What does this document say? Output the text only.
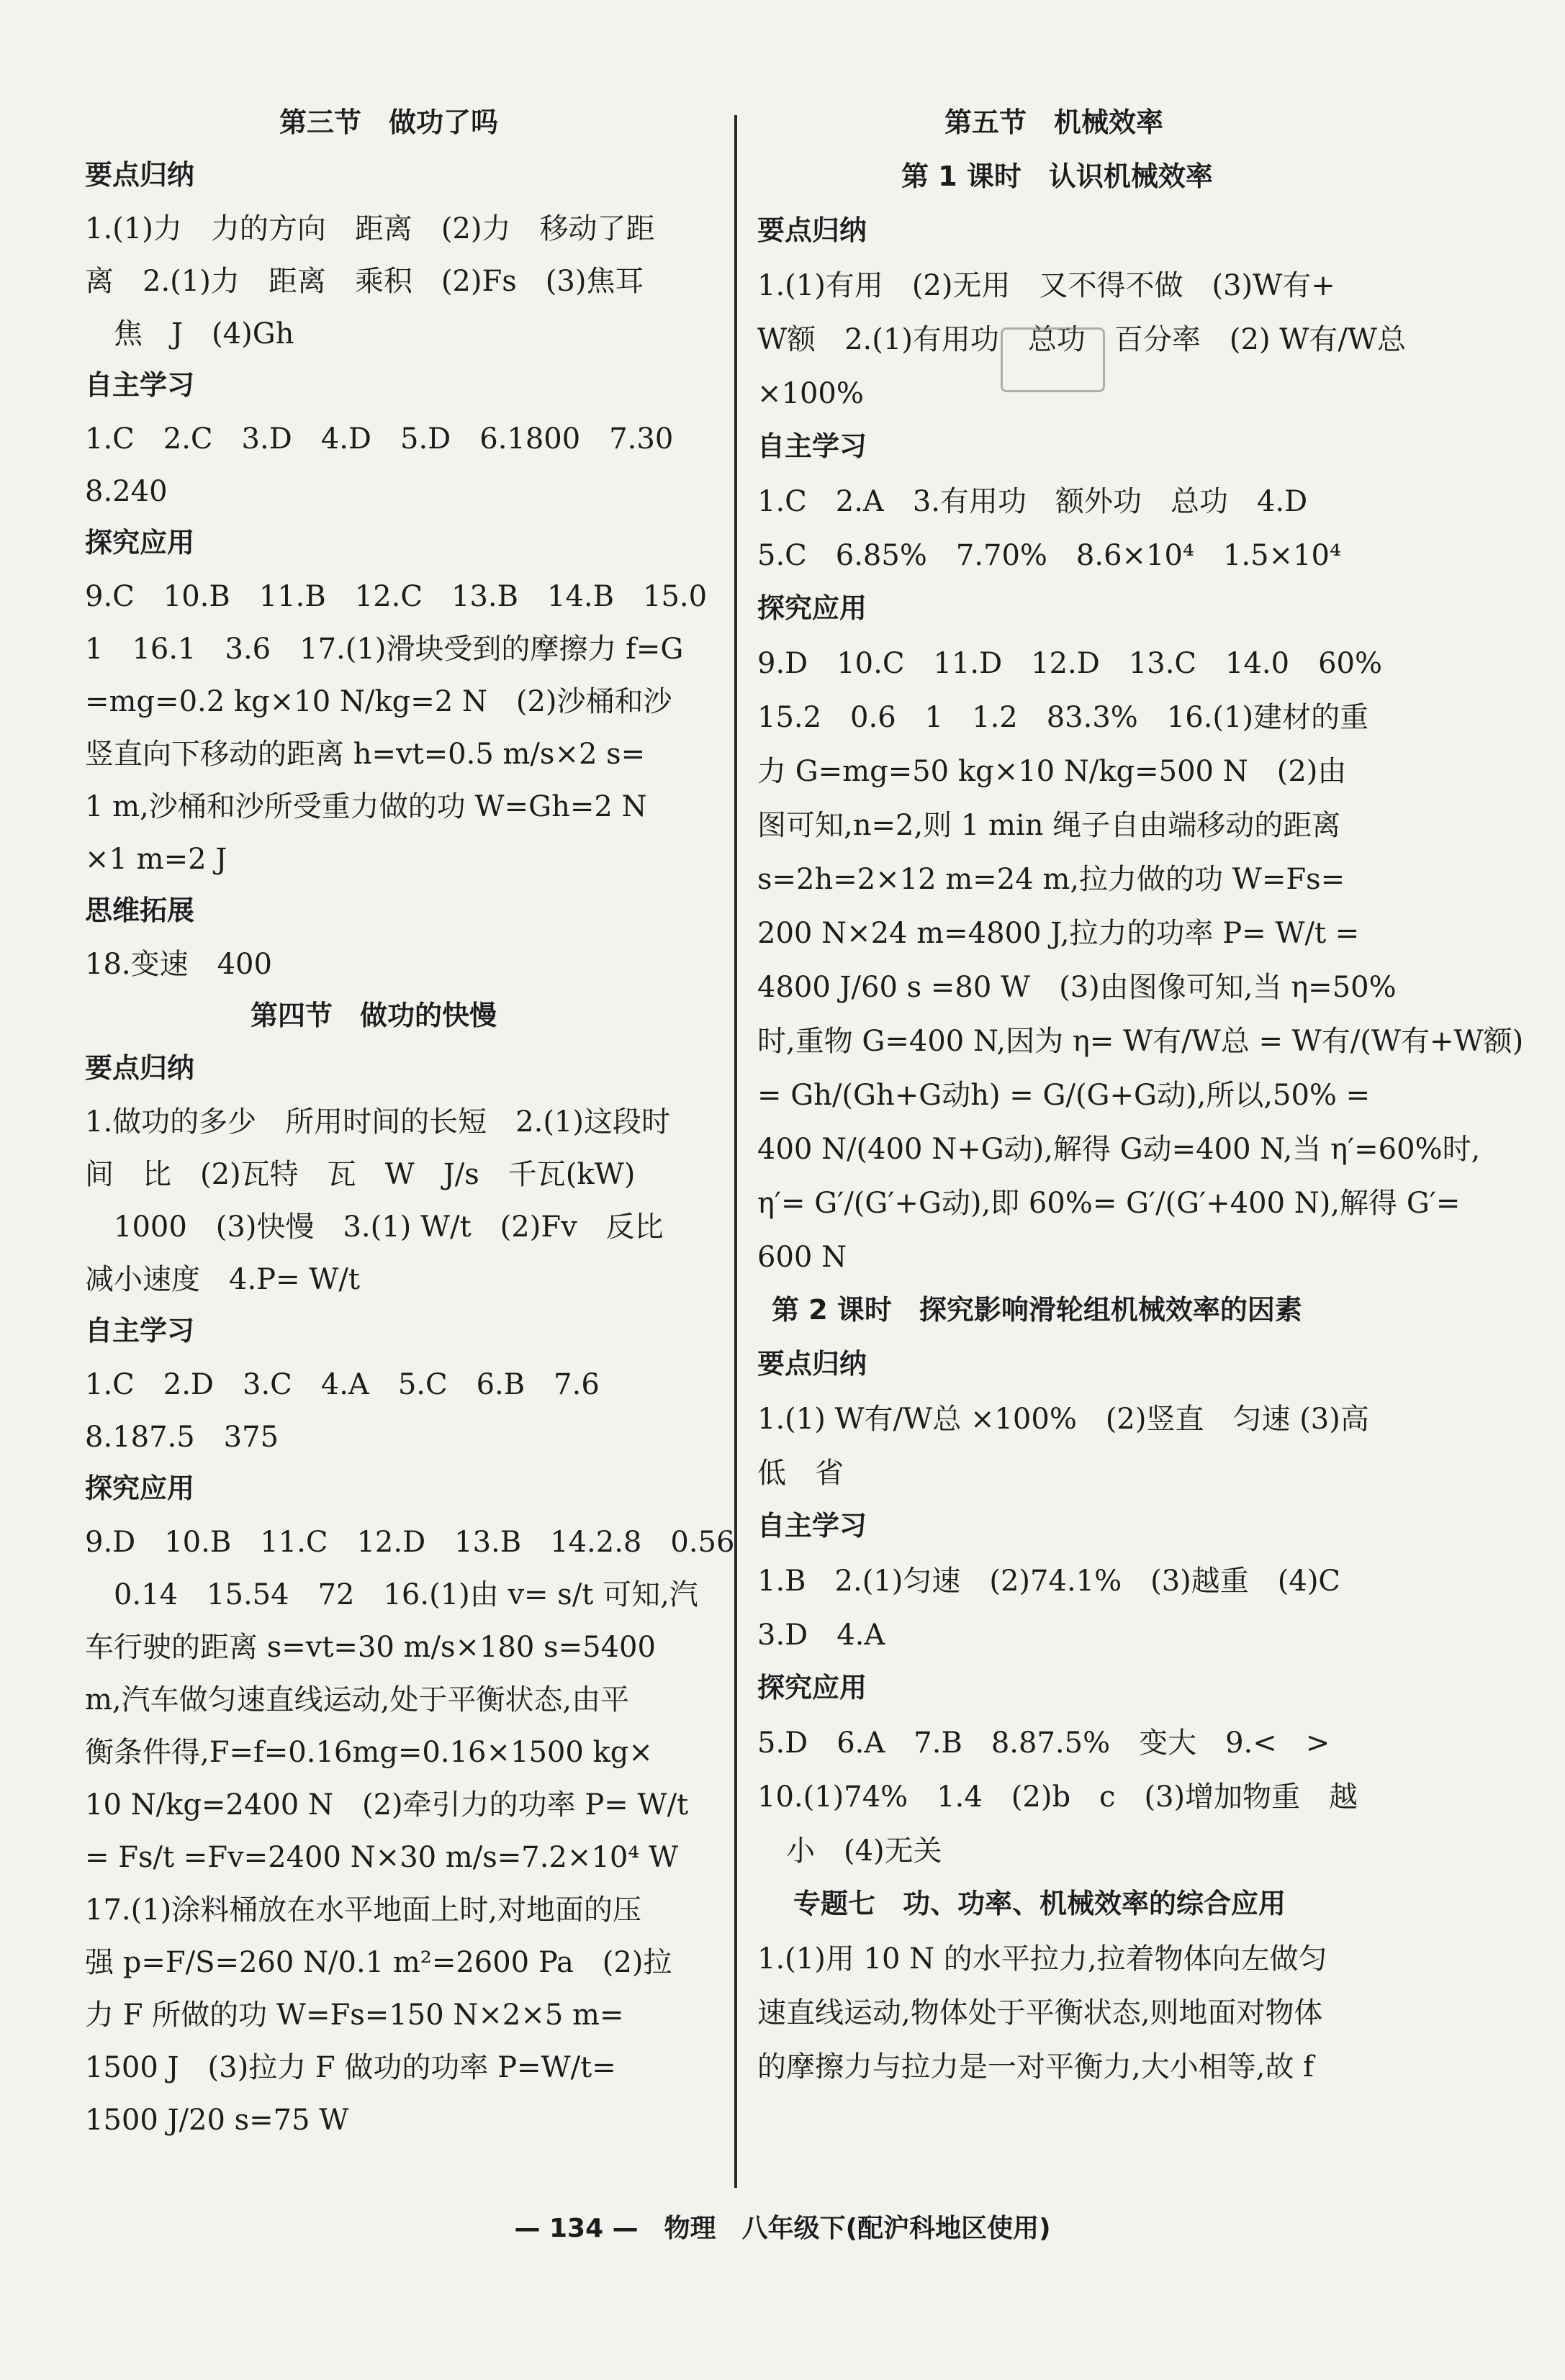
第三节　做功了吗
要点归纳
1.(1)力　力的方向　距离　(2)力　移动了距
离　2.(1)力　距离　乘积　(2)Fs　(3)焦耳
焦　J　(4)Gh
自主学习
1.C　2.C　3.D　4.D　5.D　6.1800　7.30
8.240
探究应用
9.C　10.B　11.B　12.C　13.B　14.B　15.0
1　16.1　3.6　17.(1)滑块受到的摩擦力 f=G
=mg=0.2 kg×10 N/kg=2 N　(2)沙桶和沙
竖直向下移动的距离 h=vt=0.5 m/s×2 s=
1 m,沙桶和沙所受重力做的功 W=Gh=2 N
×1 m=2 J
思维拓展
18.变速　400
第四节　做功的快慢
要点归纳
1.做功的多少　所用时间的长短　2.(1)这段时
间　比　(2)瓦特　瓦　W　J/s　千瓦(kW)
1000　(3)快慢　3.(1) W/t　(2)Fv　反比
减小速度　4.P= W/t
自主学习
1.C　2.D　3.C　4.A　5.C　6.B　7.6
8.187.5　375
探究应用
9.D　10.B　11.C　12.D　13.B　14.2.8　0.56
0.14　15.54　72　16.(1)由 v= s/t 可知,汽
车行驶的距离 s=vt=30 m/s×180 s=5400
m,汽车做匀速直线运动,处于平衡状态,由平
衡条件得,F=f=0.16mg=0.16×1500 kg×
10 N/kg=2400 N　(2)牵引力的功率 P= W/t
= Fs/t =Fv=2400 N×30 m/s=7.2×10⁴ W
17.(1)涂料桶放在水平地面上时,对地面的压
强 p=F/S=260 N/0.1 m²=2600 Pa　(2)拉
力 F 所做的功 W=Fs=150 N×2×5 m=
1500 J　(3)拉力 F 做功的功率 P=W/t=
1500 J/20 s=75 W
第五节　机械效率
第 1 课时　认识机械效率
要点归纳
1.(1)有用　(2)无用　又不得不做　(3)W有+
W额　2.(1)有用功　总功　百分率　(2) W有/W总
×100%
自主学习
1.C　2.A　3.有用功　额外功　总功　4.D
5.C　6.85%　7.70%　8.6×10⁴　1.5×10⁴
探究应用
9.D　10.C　11.D　12.D　13.C　14.0　60%
15.2　0.6　1　1.2　83.3%　16.(1)建材的重
力 G=mg=50 kg×10 N/kg=500 N　(2)由
图可知,n=2,则 1 min 绳子自由端移动的距离
s=2h=2×12 m=24 m,拉力做的功 W=Fs=
200 N×24 m=4800 J,拉力的功率 P= W/t =
4800 J/60 s =80 W　(3)由图像可知,当 η=50%
时,重物 G=400 N,因为 η= W有/W总 = W有/(W有+W额)
= Gh/(Gh+G动h) = G/(G+G动),所以,50% =
400 N/(400 N+G动),解得 G动=400 N,当 η′=60%时,
η′= G′/(G′+G动),即 60%= G′/(G′+400 N),解得 G′=
600 N
第 2 课时　探究影响滑轮组机械效率的因素
要点归纳
1.(1) W有/W总 ×100%　(2)竖直　匀速 (3)高
低　省
自主学习
1.B　2.(1)匀速　(2)74.1%　(3)越重　(4)C
3.D　4.A
探究应用
5.D　6.A　7.B　8.87.5%　变大　9.<　>
10.(1)74%　1.4　(2)b　c　(3)增加物重　越
小　(4)无关
专题七　功、功率、机械效率的综合应用
1.(1)用 10 N 的水平拉力,拉着物体向左做匀
速直线运动,物体处于平衡状态,则地面对物体
的摩擦力与拉力是一对平衡力,大小相等,故 f
— 134 —　物理　八年级下(配沪科地区使用)
